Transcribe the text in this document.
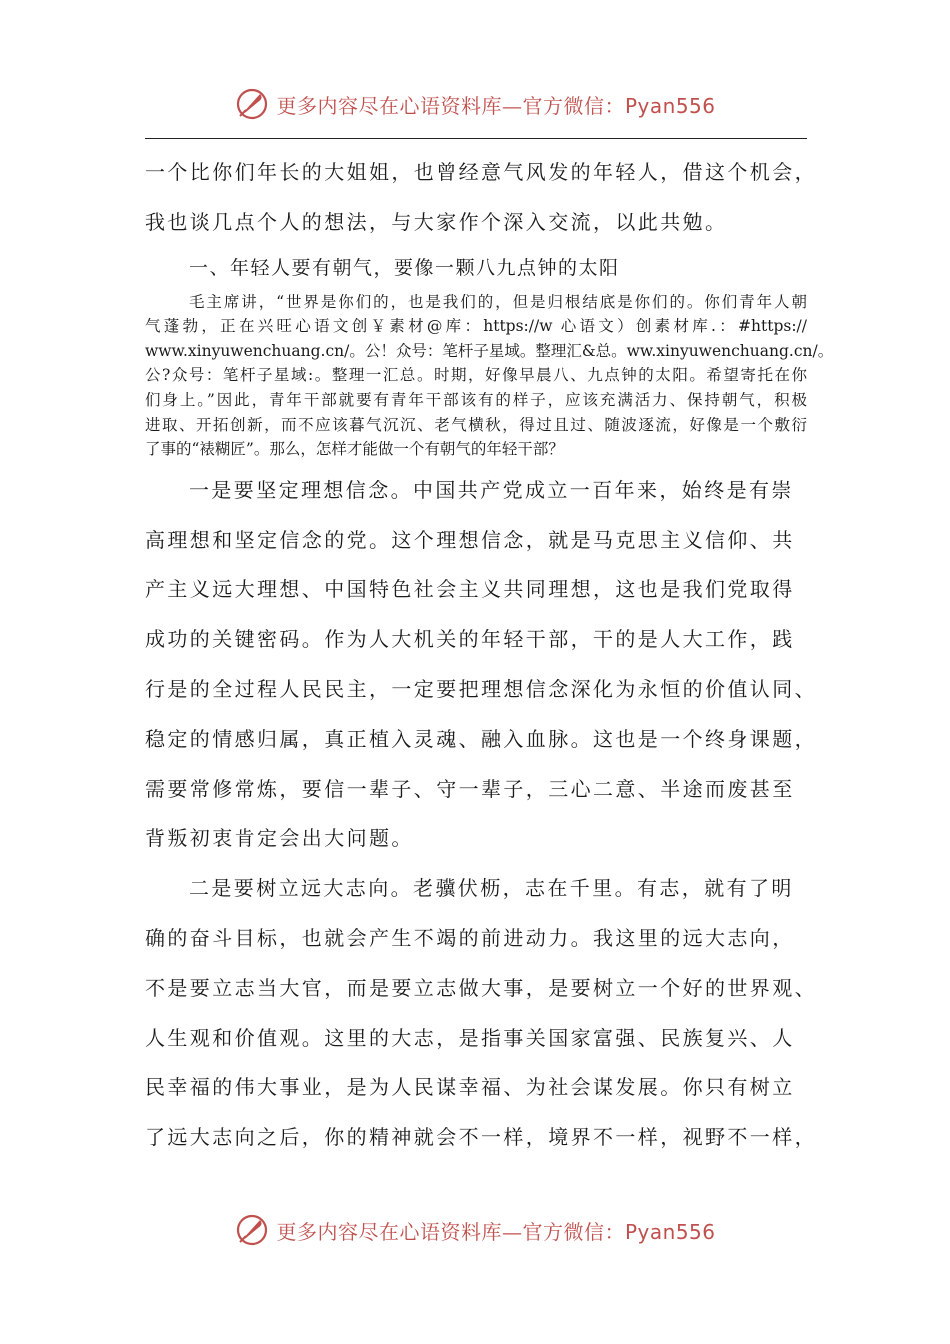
更多内容尽在心语资料库—官方微信：Pyan556

一个比你们年长的大姐姐，也曾经意气风发的年轻人，借这个机会，

我也谈几点个人的想法，与大家作个深入交流，以此共勉。

一、年轻人要有朝气，要像一颗八九点钟的太阳

毛主席讲，“世界是你们的，也是我们的，但是归根结底是你们的。你们青年人朝
气蓬勃，正在兴旺心语文创￥素材@库：https://w 心语文）创素材库.：#https://
www.xinyuwenchuang.cn/。公！众号：笔杆子星域。整理汇&总。ww.xinyuwenchuang.cn/。
公?众号：笔杆子星域:。整理一汇总。时期，好像早晨八、九点钟的太阳。希望寄托在你
们身上。”因此，青年干部就要有青年干部该有的样子，应该充满活力、保持朝气，积极
进取、开拓创新，而不应该暮气沉沉、老气横秋，得过且过、随波逐流，好像是一个敷衍
了事的“裱糊匠”。那么，怎样才能做一个有朝气的年轻干部？

一是要坚定理想信念。中国共产党成立一百年来，始终是有崇

高理想和坚定信念的党。这个理想信念，就是马克思主义信仰、共

产主义远大理想、中国特色社会主义共同理想，这也是我们党取得

成功的关键密码。作为人大机关的年轻干部，干的是人大工作，践

行是的全过程人民民主，一定要把理想信念深化为永恒的价值认同、

稳定的情感归属，真正植入灵魂、融入血脉。这也是一个终身课题，

需要常修常炼，要信一辈子、守一辈子，三心二意、半途而废甚至

背叛初衷肯定会出大问题。

二是要树立远大志向。老骥伏枥，志在千里。有志，就有了明

确的奋斗目标，也就会产生不竭的前进动力。我这里的远大志向，

不是要立志当大官，而是要立志做大事，是要树立一个好的世界观、

人生观和价值观。这里的大志，是指事关国家富强、民族复兴、人

民幸福的伟大事业，是为人民谋幸福、为社会谋发展。你只有树立

了远大志向之后，你的精神就会不一样，境界不一样，视野不一样，

更多内容尽在心语资料库—官方微信：Pyan556
